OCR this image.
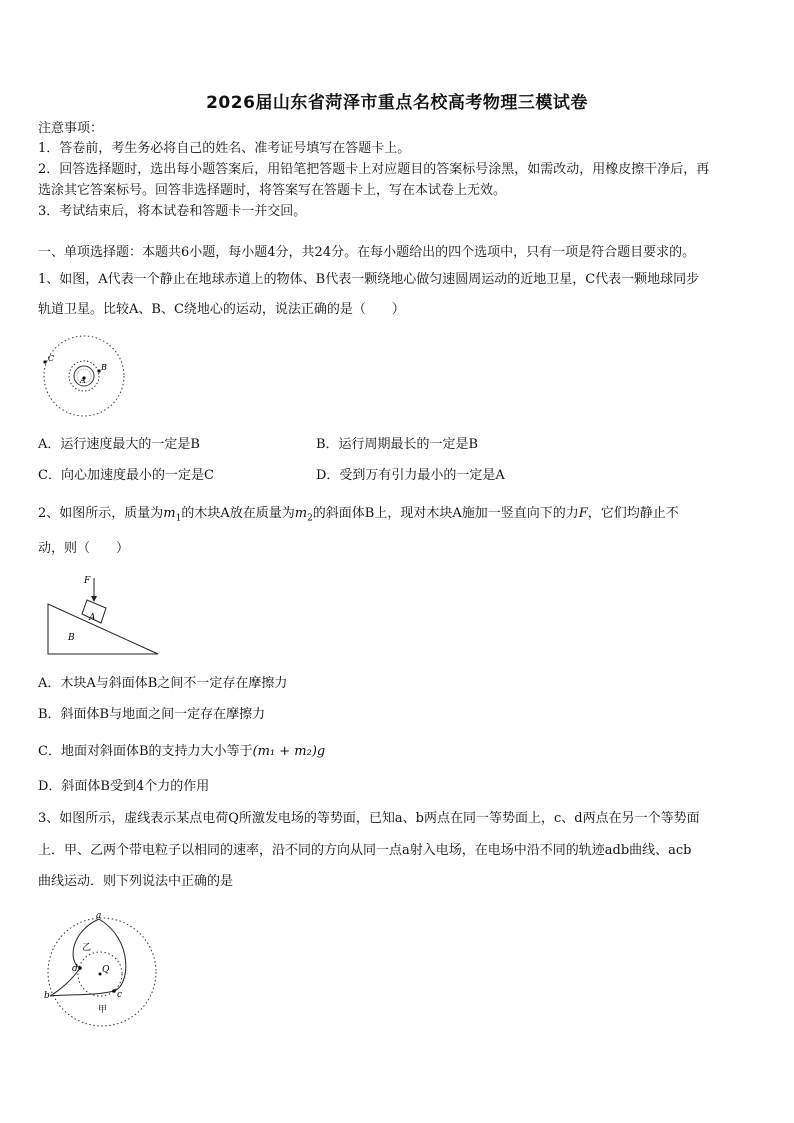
2026届山东省菏泽市重点名校高考物理三模试卷
注意事项：
1．答卷前，考生务必将自己的姓名、准考证号填写在答题卡上。
2．回答选择题时，选出每小题答案后，用铅笔把答题卡上对应题目的答案标号涂黑，如需改动，用橡皮擦干净后，再
选涂其它答案标号。回答非选择题时，将答案写在答题卡上，写在本试卷上无效。
3．考试结束后，将本试卷和答题卡一并交回。
一、单项选择题：本题共6小题，每小题4分，共24分。在每小题给出的四个选项中，只有一项是符合题目要求的。
1、如图，A代表一个静止在地球赤道上的物体、B代表一颗绕地心做匀速圆周运动的近地卫星，C代表一颗地球同步
轨道卫星。比较A、B、C绕地心的运动，说法正确的是（　　）
A
B
C
A．运行速度最大的一定是B	B．运行周期最长的一定是B
C．向心加速度最小的一定是C	D．受到万有引力最小的一定是A
2、如图所示，质量为$m_1$的木块A放在质量为$m_2$的斜面体B上，现对木块A施加一竖直向下的力F，它们均静止不
动，则（　　）
F
A
B
A．木块A与斜面体B之间不一定存在摩擦力
B．斜面体B与地面之间一定存在摩擦力
C．地面对斜面体B的支持力大小等于(m₁ + m₂)g
D．斜面体B受到4个力的作用
3、如图所示，虚线表示某点电荷Q所激发电场的等势面，已知a、b两点在同一等势面上，c、d两点在另一个等势面
上．甲、乙两个带电粒子以相同的速率，沿不同的方向从同一点a射入电场，在电场中沿不同的轨迹adb曲线、acb
曲线运动．则下列说法中正确的是
a
b	c
d	Q
乙
甲
